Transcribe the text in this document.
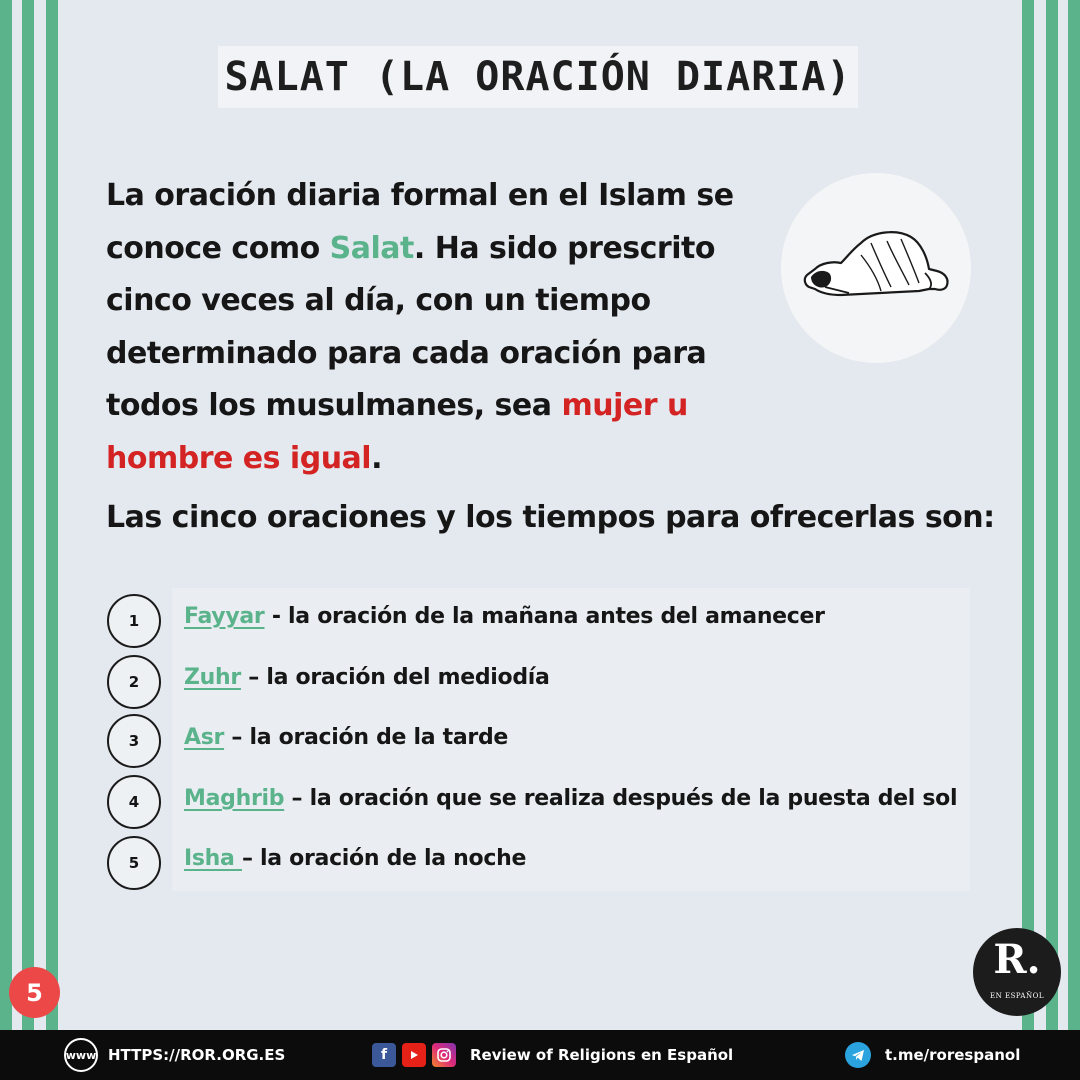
SALAT (LA ORACIÓN DIARIA)
La oración diaria formal en el Islam se conoce como Salat. Ha sido prescrito cinco veces al día, con un tiempo determinado para cada oración para todos los musulmanes, sea mujer u hombre es igual.
Las cinco oraciones y los tiempos para ofrecerlas son:
1	Fayyar - la oración de la mañana antes del amanecer
2	Zuhr – la oración del mediodía
3	Asr – la oración de la tarde
4	Maghrib – la oración que se realiza después de la puesta del sol
5	Isha – la oración de la noche
5
R.
EN ESPAÑOL
www HTTPS://ROR.ORG.ES	f	Review of Religions en Español	t.me/rorespanol
